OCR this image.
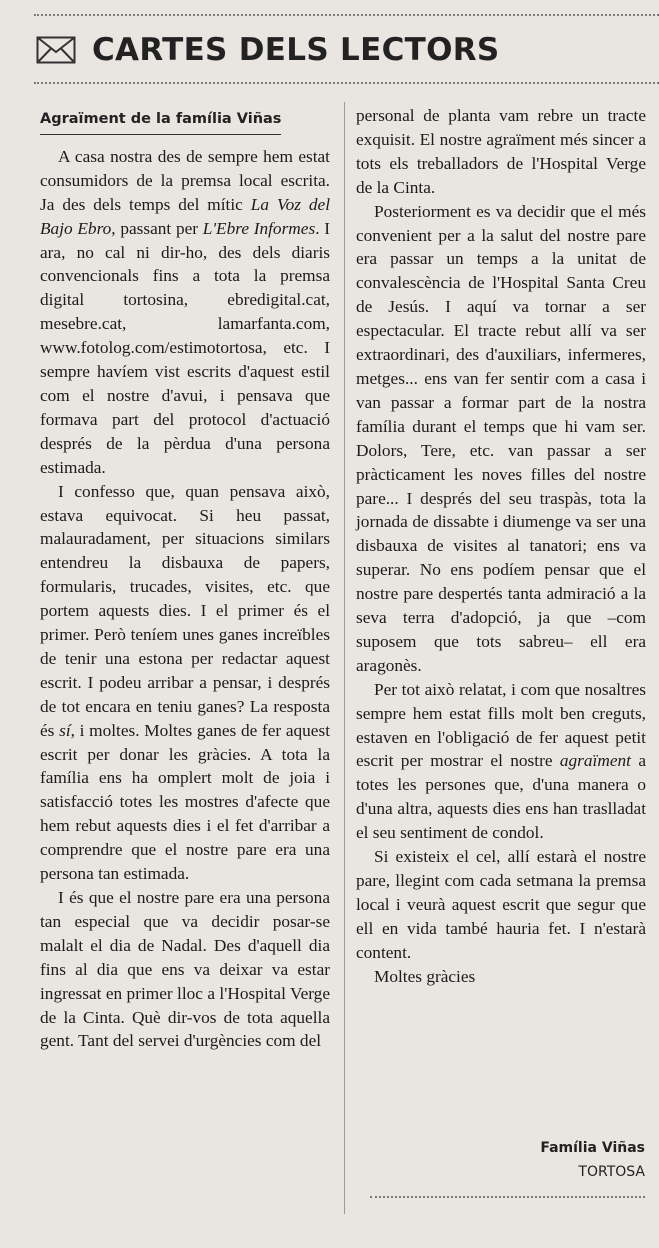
CARTES DELS LECTORS
Agraïment de la família Viñas

A casa nostra des de sempre hem estat consumidors de la premsa local escrita. Ja des dels temps del mític La Voz del Bajo Ebro, passant per L'Ebre Informes. I ara, no cal ni dir-ho, des dels diaris convencionals fins a tota la premsa digital tortosina, ebredigital.cat, mesebre.cat, lamarfanta.com, www.fotolog.com/estimotortosa, etc. I sempre havíem vist escrits d'aquest estil com el nostre d'avui, i pensava que formava part del protocol d'actuació després de la pèrdua d'una persona estimada.

I confesso que, quan pensava això, estava equivocat. Si heu passat, malauradament, per situacions similars entendreu la disbauxa de papers, formularis, trucades, visites, etc. que portem aquests dies. I el primer és el primer. Però teníem unes ganes increïbles de tenir una estona per redactar aquest escrit. I podeu arribar a pensar, i després de tot encara en teniu ganes? La resposta és sí, i moltes. Moltes ganes de fer aquest escrit per donar les gràcies. A tota la família ens ha omplert molt de joia i satisfacció totes les mostres d'afecte que hem rebut aquests dies i el fet d'arribar a comprendre que el nostre pare era una persona tan estimada.

I és que el nostre pare era una persona tan especial que va decidir posar-se malalt el dia de Nadal. Des d'aquell dia fins al dia que ens va deixar va estar ingressat en primer lloc a l'Hospital Verge de la Cinta. Què dir-vos de tota aquella gent. Tant del servei d'urgències com del

personal de planta vam rebre un tracte exquisit. El nostre agraïment més sincer a tots els treballadors de l'Hospital Verge de la Cinta.

Posteriorment es va decidir que el més convenient per a la salut del nostre pare era passar un temps a la unitat de convalescència de l'Hospital Santa Creu de Jesús. I aquí va tornar a ser espectacular. El tracte rebut allí va ser extraordinari, des d'auxiliars, infermeres, metges... ens van fer sentir com a casa i van passar a formar part de la nostra família durant el temps que hi vam ser. Dolors, Tere, etc. van passar a ser pràcticament les noves filles del nostre pare... I després del seu traspàs, tota la jornada de dissabte i diumenge va ser una disbauxa de visites al tanatori; ens va superar. No ens podíem pensar que el nostre pare despertés tanta admiració a la seva terra d'adopció, ja que –com suposem que tots sabreu– ell era aragonès.

Per tot això relatat, i com que nosaltres sempre hem estat fills molt ben creguts, estaven en l'obligació de fer aquest petit escrit per mostrar el nostre agraïment a totes les persones que, d'una manera o d'una altra, aquests dies ens han traslladat el seu sentiment de condol.

Si existeix el cel, allí estarà el nostre pare, llegint com cada setmana la premsa local i veurà aquest escrit que segur que ell en vida també hauria fet. I n'estarà content.

Moltes gràcies

Família Viñas
TORTOSA
